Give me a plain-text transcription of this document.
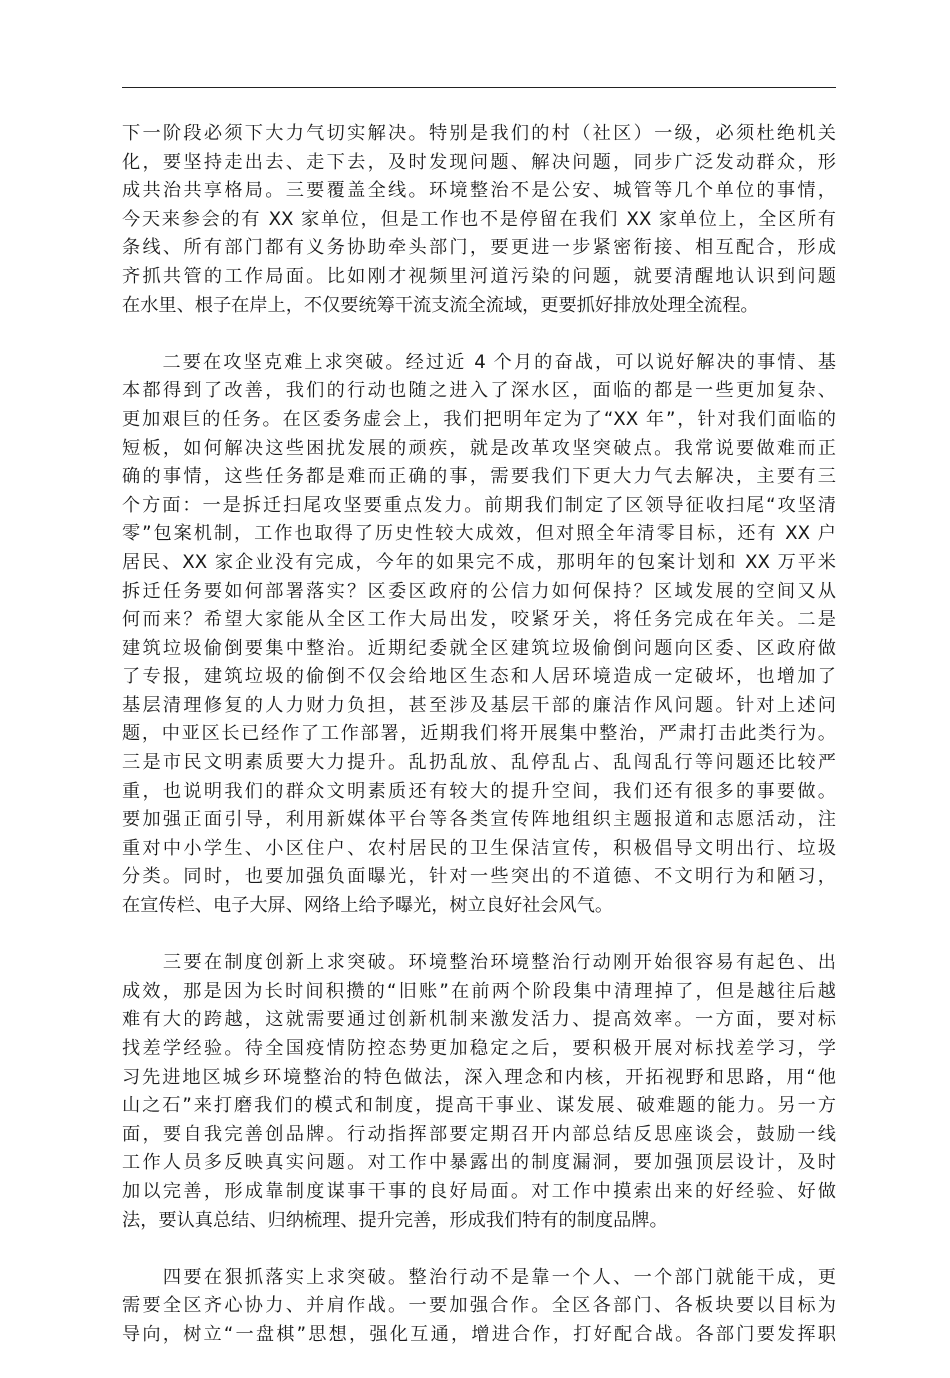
下一阶段必须下大力气切实解决。特别是我们的村（社区）一级，必须杜绝机关
化，要坚持走出去、走下去，及时发现问题、解决问题，同步广泛发动群众，形
成共治共享格局。三要覆盖全线。环境整治不是公安、城管等几个单位的事情，
今天来参会的有 XX 家单位，但是工作也不是停留在我们 XX 家单位上，全区所有
条线、所有部门都有义务协助牵头部门，要更进一步紧密衔接、相互配合，形成
齐抓共管的工作局面。比如刚才视频里河道污染的问题，就要清醒地认识到问题
在水里、根子在岸上，不仅要统筹干流支流全流域，更要抓好排放处理全流程。
　　二要在攻坚克难上求突破。经过近 4 个月的奋战，可以说好解决的事情、基
本都得到了改善，我们的行动也随之进入了深水区，面临的都是一些更加复杂、
更加艰巨的任务。在区委务虚会上，我们把明年定为了“XX 年”，针对我们面临的
短板，如何解决这些困扰发展的顽疾，就是改革攻坚突破点。我常说要做难而正
确的事情，这些任务都是难而正确的事，需要我们下更大力气去解决，主要有三
个方面：一是拆迁扫尾攻坚要重点发力。前期我们制定了区领导征收扫尾“攻坚清
零”包案机制，工作也取得了历史性较大成效，但对照全年清零目标，还有 XX 户
居民、XX 家企业没有完成，今年的如果完不成，那明年的包案计划和 XX 万平米
拆迁任务要如何部署落实？区委区政府的公信力如何保持？区域发展的空间又从
何而来？希望大家能从全区工作大局出发，咬紧牙关，将任务完成在年关。二是
建筑垃圾偷倒要集中整治。近期纪委就全区建筑垃圾偷倒问题向区委、区政府做
了专报，建筑垃圾的偷倒不仅会给地区生态和人居环境造成一定破坏，也增加了
基层清理修复的人力财力负担，甚至涉及基层干部的廉洁作风问题。针对上述问
题，中亚区长已经作了工作部署，近期我们将开展集中整治，严肃打击此类行为。
三是市民文明素质要大力提升。乱扔乱放、乱停乱占、乱闯乱行等问题还比较严
重，也说明我们的群众文明素质还有较大的提升空间，我们还有很多的事要做。
要加强正面引导，利用新媒体平台等各类宣传阵地组织主题报道和志愿活动，注
重对中小学生、小区住户、农村居民的卫生保洁宣传，积极倡导文明出行、垃圾
分类。同时，也要加强负面曝光，针对一些突出的不道德、不文明行为和陋习，
在宣传栏、电子大屏、网络上给予曝光，树立良好社会风气。
　　三要在制度创新上求突破。环境整治环境整治行动刚开始很容易有起色、出
成效，那是因为长时间积攒的“旧账”在前两个阶段集中清理掉了，但是越往后越
难有大的跨越，这就需要通过创新机制来激发活力、提高效率。一方面，要对标
找差学经验。待全国疫情防控态势更加稳定之后，要积极开展对标找差学习，学
习先进地区城乡环境整治的特色做法，深入理念和内核，开拓视野和思路，用“他
山之石”来打磨我们的模式和制度，提高干事业、谋发展、破难题的能力。另一方
面，要自我完善创品牌。行动指挥部要定期召开内部总结反思座谈会，鼓励一线
工作人员多反映真实问题。对工作中暴露出的制度漏洞，要加强顶层设计，及时
加以完善，形成靠制度谋事干事的良好局面。对工作中摸索出来的好经验、好做
法，要认真总结、归纳梳理、提升完善，形成我们特有的制度品牌。
　　四要在狠抓落实上求突破。整治行动不是靠一个人、一个部门就能干成，更
需要全区齐心协力、并肩作战。一要加强合作。全区各部门、各板块要以目标为
导向，树立“一盘棋”思想，强化互通，增进合作，打好配合战。各部门要发挥职
